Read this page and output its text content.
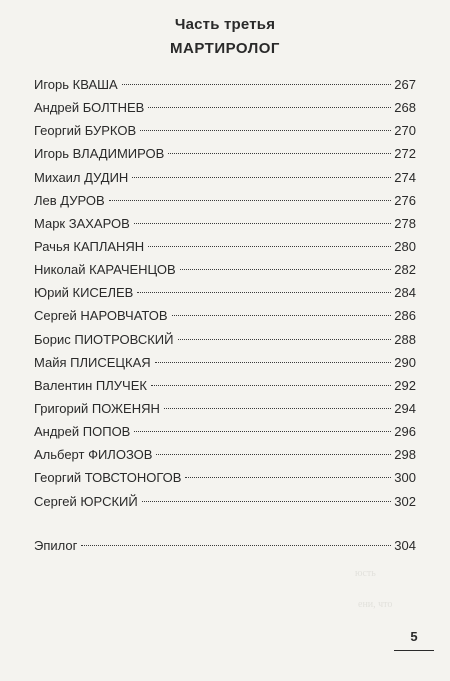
Часть третья
МАРТИРОЛОГ
Игорь КВАША	267
Андрей БОЛТНЕВ	268
Георгий БУРКОВ	270
Игорь ВЛАДИМИРОВ	272
Михаил ДУДИН	274
Лев ДУРОВ	276
Марк ЗАХАРОВ	278
Рачья КАПЛАНЯН	280
Николай КАРАЧЕНЦОВ	282
Юрий КИСЕЛЕВ	284
Сергей НАРОВЧАТОВ	286
Борис ПИОТРОВСКИЙ	288
Майя ПЛИСЕЦКАЯ	290
Валентин ПЛУЧЕК	292
Григорий ПОЖЕНЯН	294
Андрей ПОПОВ	296
Альберт ФИЛОЗОВ	298
Георгий ТОВСТОНОГОВ	300
Сергей ЮРСКИЙ	302
Эпилог	304
юсть
ени, что
5
